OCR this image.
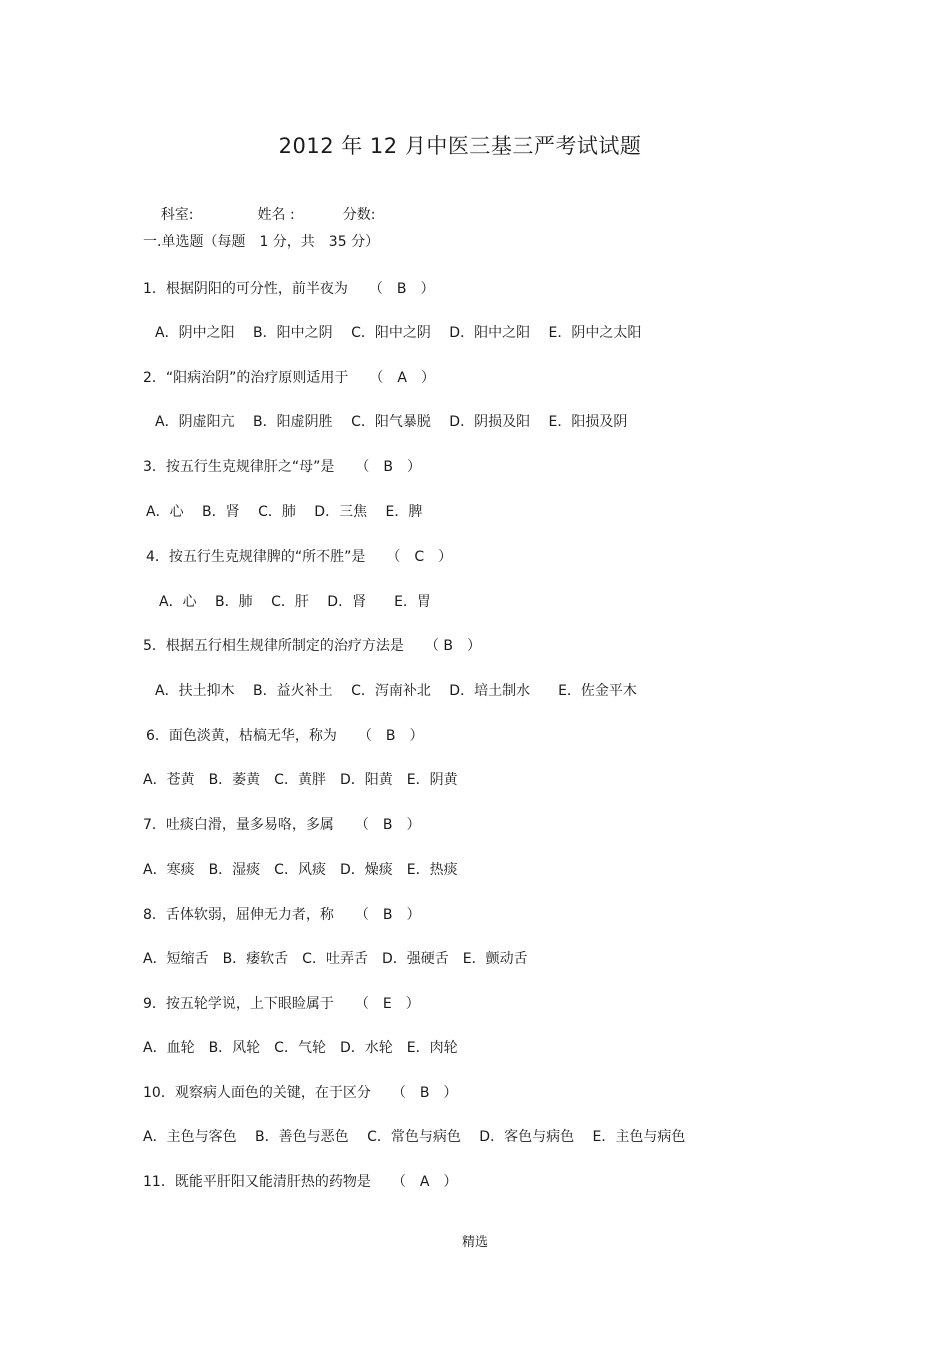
2012 年 12 月中医三基三严考试试题

科室:	姓名 :	分数:

一.单选题（每题　1 分，共　35 分）
1．根据阴阳的可分性，前半夜为　　（　B　）
A．阴中之阳　 B．阳中之阴　 C．阳中之阴　 D．阳中之阳　 E．阴中之太阳
2．“阳病治阴”的治疗原则适用于　　（　A　）
A．阴虚阳亢　 B．阳虚阴胜　 C．阳气暴脱　 D．阴损及阳　 E．阳损及阴
3．按五行生克规律肝之“母”是　　（　B　）
A．心　 B．肾　 C．肺　 D．三焦　 E．脾
4．按五行生克规律脾的“所不胜”是　　（　C　）
A．心　 B．肺　 C．肝　 D．肾　　E．胃
5．根据五行相生规律所制定的治疗方法是　　（ B　）
A．扶土抑木　 B．益火补土　 C．泻南补北　 D．培土制水　　E．佐金平木
6．面色淡黄，枯槁无华，称为　　（　B　）
A．苍黄　B．萎黄　C．黄胖　D．阳黄　E．阴黄
7．吐痰白滑，量多易咯，多属　　（　B　）
A．寒痰　B．湿痰　C．风痰　D．燥痰　E．热痰
8．舌体软弱，屈伸无力者，称　　（　B　）
A．短缩舌　B．痿软舌　C．吐弄舌　D．强硬舌　E．颤动舌
9．按五轮学说，上下眼睑属于　　（　E　）
A．血轮　B．风轮　C．气轮　D．水轮　E．肉轮
10．观察病人面色的关键，在于区分　　（　B　）
A．主色与客色　 B．善色与恶色　 C．常色与病色　 D．客色与病色　 E．主色与病色
11．既能平肝阳又能清肝热的药物是　　（　A　）
精选
